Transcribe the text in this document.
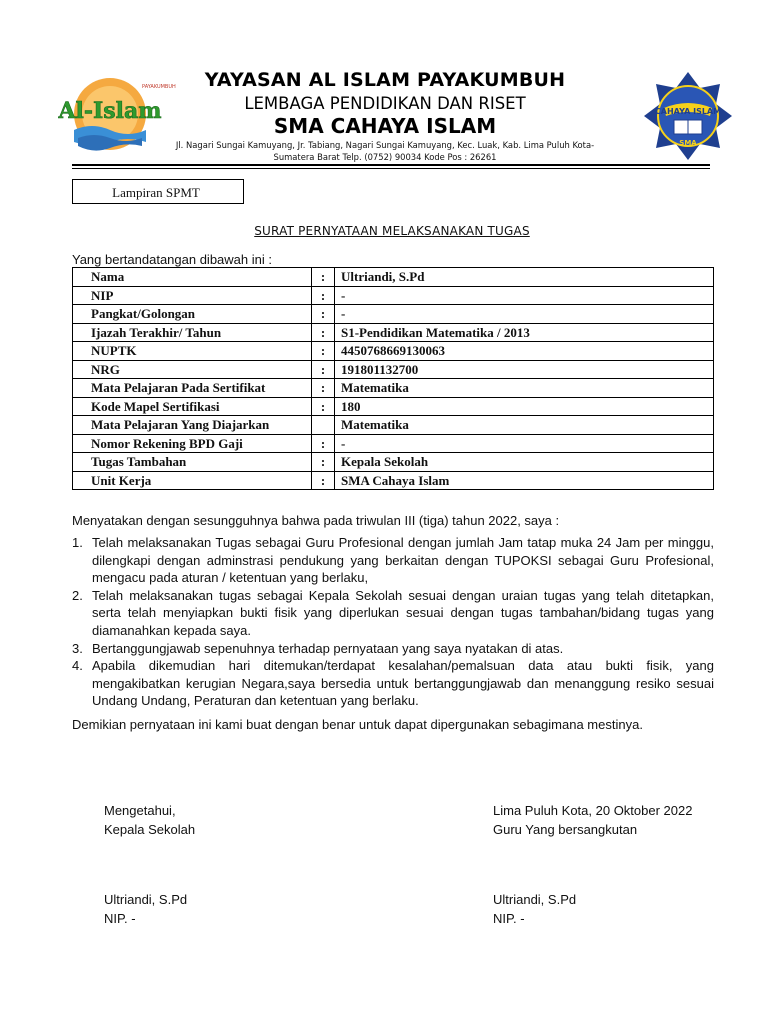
Al-Islam
PAYAKUMBUH
CAHAYA ISLAM
SMA
YAYASAN AL ISLAM PAYAKUMBUH
LEMBAGA PENDIDIKAN DAN RISET
SMA CAHAYA ISLAM
Jl. Nagari Sungai Kamuyang, Jr. Tabiang, Nagari Sungai Kamuyang, Kec. Luak, Kab. Lima Puluh Kota-
Sumatera Barat Telp. (0752) 90034 Kode Pos : 26261
Lampiran SPMT
SURAT PERNYATAAN MELAKSANAKAN TUGAS
Yang bertandatangan dibawah ini :
Nama	:	Ultriandi, S.Pd
NIP	:	-
Pangkat/Golongan	:	-
Ijazah Terakhir/ Tahun	:	S1-Pendidikan Matematika / 2013
NUPTK	:	4450768669130063
NRG	:	191801132700
Mata Pelajaran Pada Sertifikat	:	Matematika
Kode Mapel Sertifikasi	:	180
Mata Pelajaran Yang Diajarkan		Matematika
Nomor Rekening BPD Gaji	:	-
Tugas Tambahan	:	Kepala Sekolah
Unit Kerja	:	SMA Cahaya Islam
Menyatakan dengan sesungguhnya bahwa pada triwulan III (tiga) tahun 2022, saya :
1. Telah melaksanakan Tugas sebagai Guru Profesional dengan jumlah Jam tatap muka 24 Jam per minggu, dilengkapi dengan adminstrasi pendukung yang berkaitan dengan TUPOKSI sebagai Guru Profesional, mengacu pada aturan / ketentuan yang berlaku,
2. Telah melaksanakan tugas sebagai Kepala Sekolah sesuai dengan uraian tugas yang telah ditetapkan, serta telah menyiapkan bukti fisik yang diperlukan sesuai dengan tugas tambahan/bidang tugas yang diamanahkan kepada saya.
3. Bertanggungjawab sepenuhnya terhadap pernyataan yang saya nyatakan di atas.
4. Apabila dikemudian hari ditemukan/terdapat kesalahan/pemalsuan data atau bukti fisik, yang mengakibatkan kerugian Negara,saya bersedia untuk bertanggungjawab dan menanggung resiko sesuai Undang Undang, Peraturan dan ketentuan yang berlaku.
Demikian pernyataan ini kami buat dengan benar untuk dapat dipergunakan sebagimana mestinya.
Mengetahui,
Kepala Sekolah
Ultriandi, S.Pd
NIP. -
Lima Puluh Kota, 20 Oktober 2022
Guru Yang bersangkutan
Ultriandi, S.Pd
NIP. -
